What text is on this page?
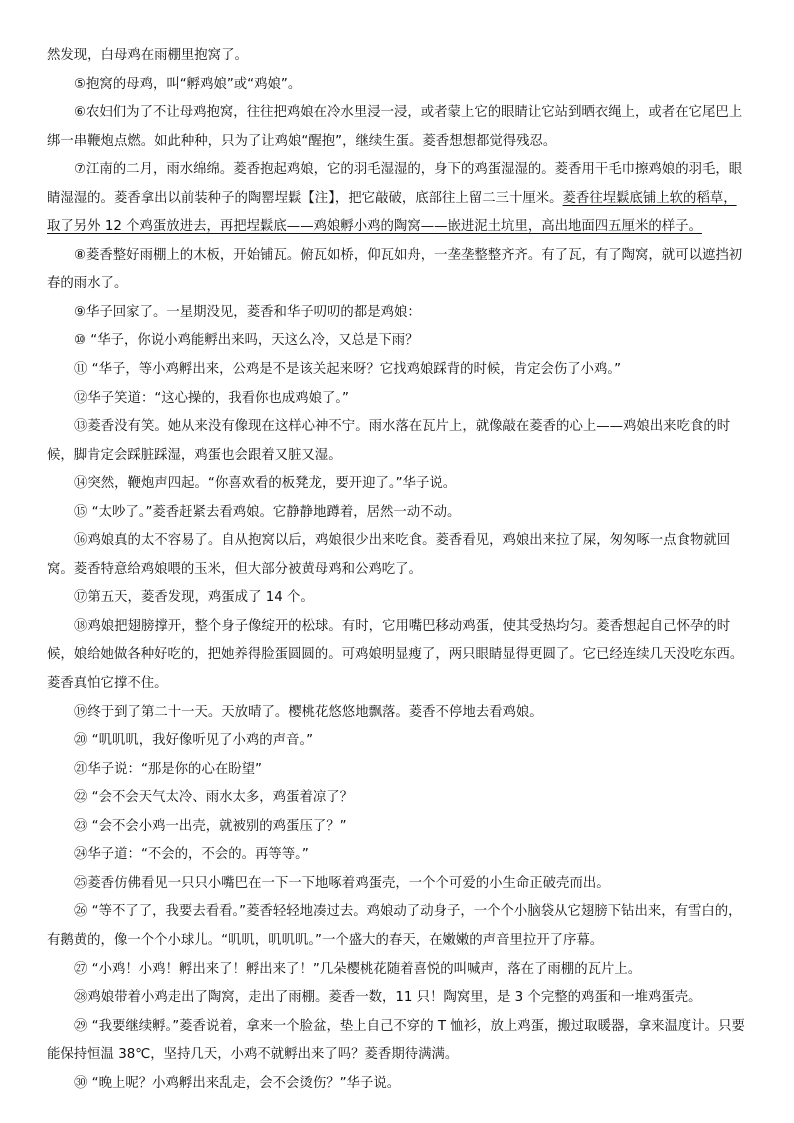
然发现，白母鸡在雨棚里抱窝了。

⑤抱窝的母鸡，叫“孵鸡娘”或“鸡娘”。

⑥农妇们为了不让母鸡抱窝，往往把鸡娘在冷水里浸一浸，或者蒙上它的眼睛让它站到晒衣绳上，或者在它尾巴上绑一串鞭炮点燃。如此种种，只为了让鸡娘“醒抱”，继续生蛋。菱香想想都觉得残忍。

⑦江南的二月，雨水绵绵。菱香抱起鸡娘，它的羽毛湿湿的，身下的鸡蛋湿湿的。菱香用干毛巾擦鸡娘的羽毛，眼睛湿湿的。菱香拿出以前装种子的陶罂埕鬏【注】，把它敲破，底部往上留二三十厘米。菱香往埕鬏底铺上软的稻草，取了另外 12 个鸡蛋放进去，再把埕鬏底——鸡娘孵小鸡的陶窝——嵌进泥土坑里，高出地面四五厘米的样子。

⑧菱香整好雨棚上的木板，开始铺瓦。俯瓦如桥，仰瓦如舟，一垄垄整整齐齐。有了瓦，有了陶窝，就可以遮挡初春的雨水了。

⑨华子回家了。一星期没见，菱香和华子叨叨的都是鸡娘：

⑩ “华子，你说小鸡能孵出来吗，天这么冷，又总是下雨？

⑪ “华子，等小鸡孵出来，公鸡是不是该关起来呀？它找鸡娘踩背的时候，肯定会伤了小鸡。”

⑫华子笑道：“这心操的，我看你也成鸡娘了。”

⑬菱香没有笑。她从来没有像现在这样心神不宁。雨水落在瓦片上，就像敲在菱香的心上——鸡娘出来吃食的时候，脚肯定会踩脏踩湿，鸡蛋也会跟着又脏又湿。

⑭突然，鞭炮声四起。“你喜欢看的板凳龙，要开迎了。”华子说。

⑮ “太吵了。”菱香赶紧去看鸡娘。它静静地蹲着，居然一动不动。

⑯鸡娘真的太不容易了。自从抱窝以后，鸡娘很少出来吃食。菱香看见，鸡娘出来拉了屎，匆匆啄一点食物就回窝。菱香特意给鸡娘喂的玉米，但大部分被黄母鸡和公鸡吃了。

⑰第五天，菱香发现，鸡蛋成了 14 个。

⑱鸡娘把翅膀撑开，整个身子像绽开的松球。有时，它用嘴巴移动鸡蛋，使其受热均匀。菱香想起自己怀孕的时候，娘给她做各种好吃的，把她养得脸蛋圆圆的。可鸡娘明显瘦了，两只眼睛显得更圆了。它已经连续几天没吃东西。菱香真怕它撑不住。

⑲终于到了第二十一天。天放晴了。樱桃花悠悠地飘落。菱香不停地去看鸡娘。

⑳ “叽叽叽，我好像听见了小鸡的声音。”

㉑华子说：“那是你的心在盼望”

㉒ “会不会天气太冷、雨水太多，鸡蛋着凉了？

㉓ “会不会小鸡一出壳，就被别的鸡蛋压了？”

㉔华子道：“不会的，不会的。再等等。”

㉕菱香仿佛看见一只只小嘴巴在一下一下地啄着鸡蛋壳，一个个可爱的小生命正破壳而出。

㉖ “等不了了，我要去看看。”菱香轻轻地凑过去。鸡娘动了动身子，一个个小脑袋从它翅膀下钻出来，有雪白的，有鹅黄的，像一个个小球儿。“叽叽，叽叽叽。”一个盛大的春天，在嫩嫩的声音里拉开了序幕。

㉗ “小鸡！小鸡！孵出来了！孵出来了！”几朵樱桃花随着喜悦的叫喊声，落在了雨棚的瓦片上。

㉘鸡娘带着小鸡走出了陶窝，走出了雨棚。菱香一数，11 只！陶窝里，是 3 个完整的鸡蛋和一堆鸡蛋壳。

㉙ “我要继续孵。”菱香说着，拿来一个脸盆，垫上自己不穿的 T 恤衫，放上鸡蛋，搬过取暖器，拿来温度计。只要能保持恒温 38℃，坚持几天，小鸡不就孵出来了吗？菱香期待满满。

㉚ “晚上呢？小鸡孵出来乱走，会不会烫伤？”华子说。
